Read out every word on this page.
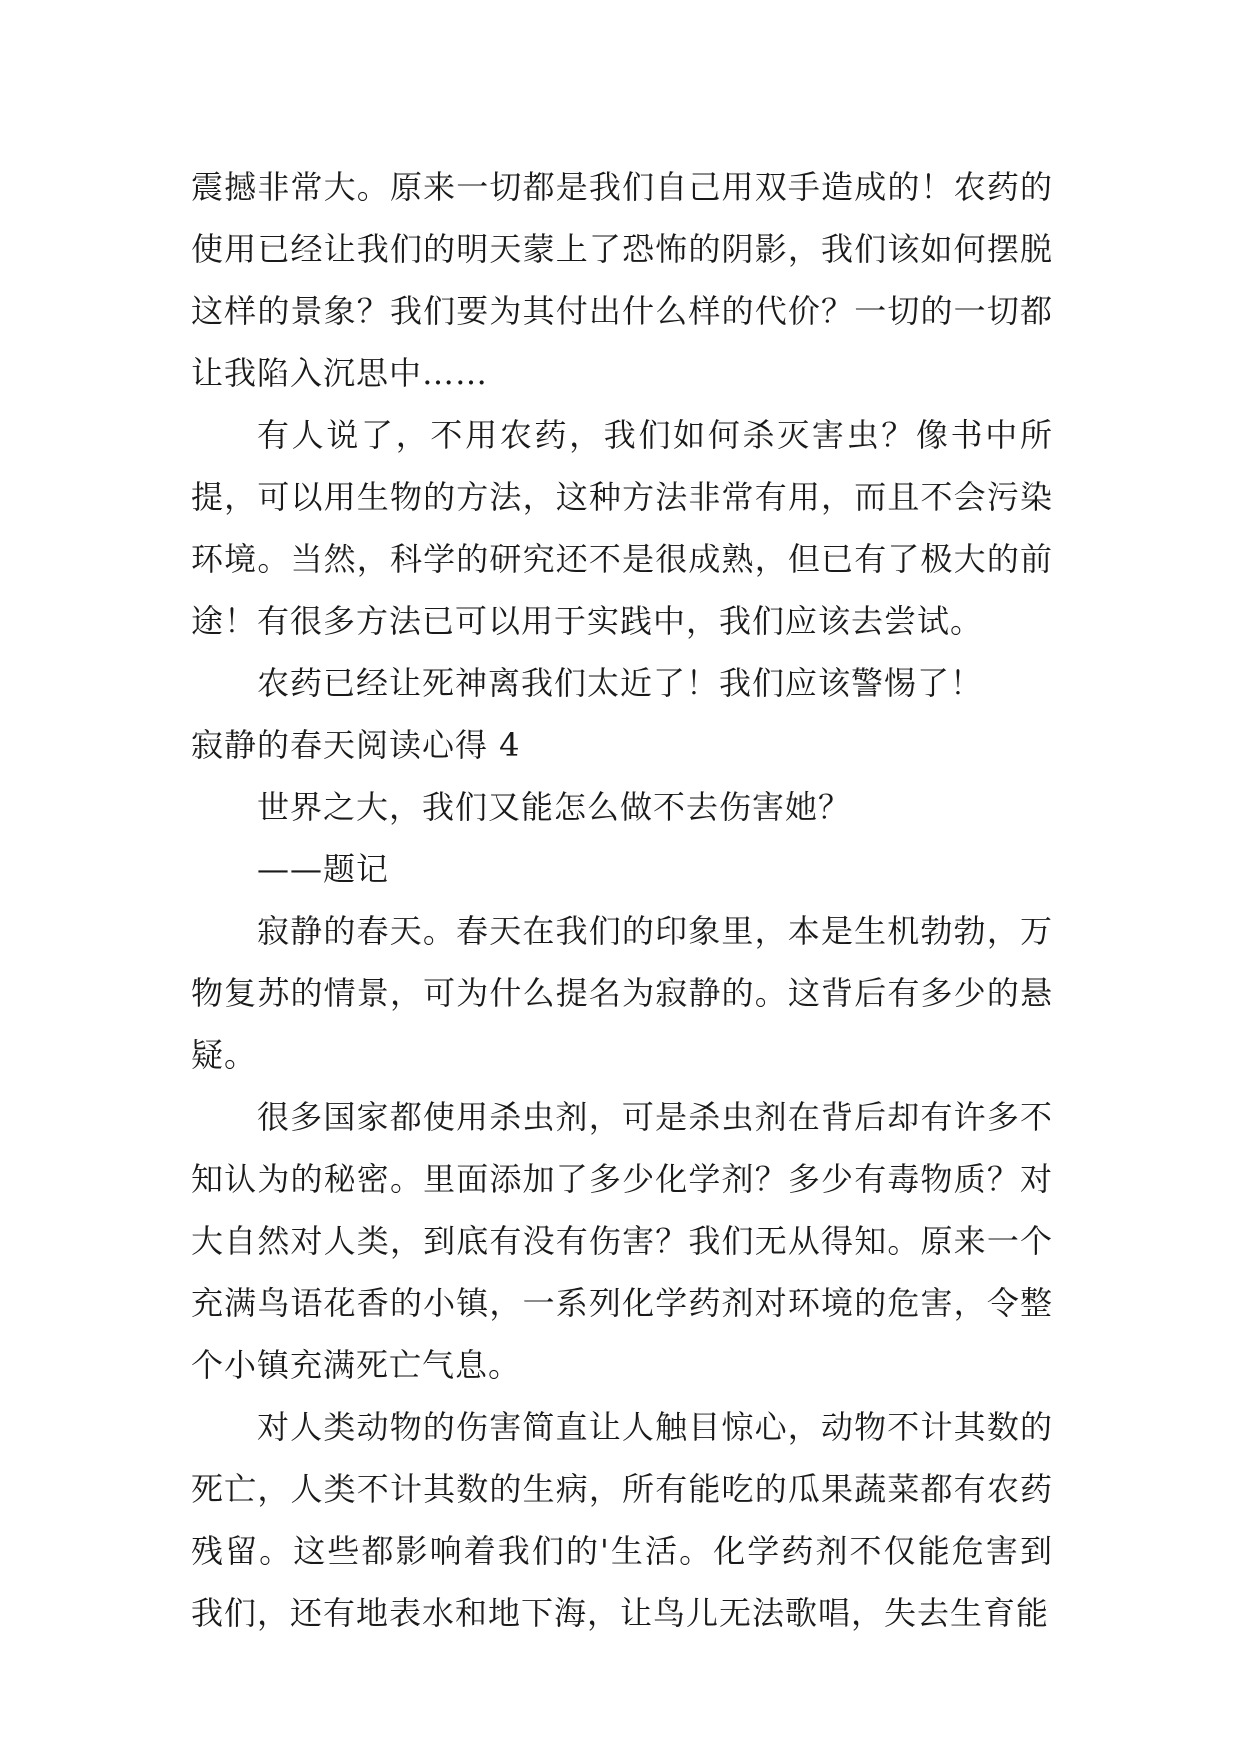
震撼非常大。原来一切都是我们自己用双手造成的！农药的使用已经让我们的明天蒙上了恐怖的阴影，我们该如何摆脱这样的景象？我们要为其付出什么样的代价？一切的一切都让我陷入沉思中……

有人说了，不用农药，我们如何杀灭害虫？像书中所提，可以用生物的方法，这种方法非常有用，而且不会污染环境。当然，科学的研究还不是很成熟，但已有了极大的前途！有很多方法已可以用于实践中，我们应该去尝试。

农药已经让死神离我们太近了！我们应该警惕了！

寂静的春天阅读心得 4

世界之大，我们又能怎么做不去伤害她？

——题记

寂静的春天。春天在我们的印象里，本是生机勃勃，万物复苏的情景，可为什么提名为寂静的。这背后有多少的悬疑。

很多国家都使用杀虫剂，可是杀虫剂在背后却有许多不知认为的秘密。里面添加了多少化学剂？多少有毒物质？对大自然对人类，到底有没有伤害？我们无从得知。原来一个充满鸟语花香的小镇，一系列化学药剂对环境的危害，令整个小镇充满死亡气息。

对人类动物的伤害简直让人触目惊心，动物不计其数的死亡，人类不计其数的生病，所有能吃的瓜果蔬菜都有农药残留。这些都影响着我们的'生活。化学药剂不仅能危害到我们，还有地表水和地下海，让鸟儿无法歌唱，失去生育能
